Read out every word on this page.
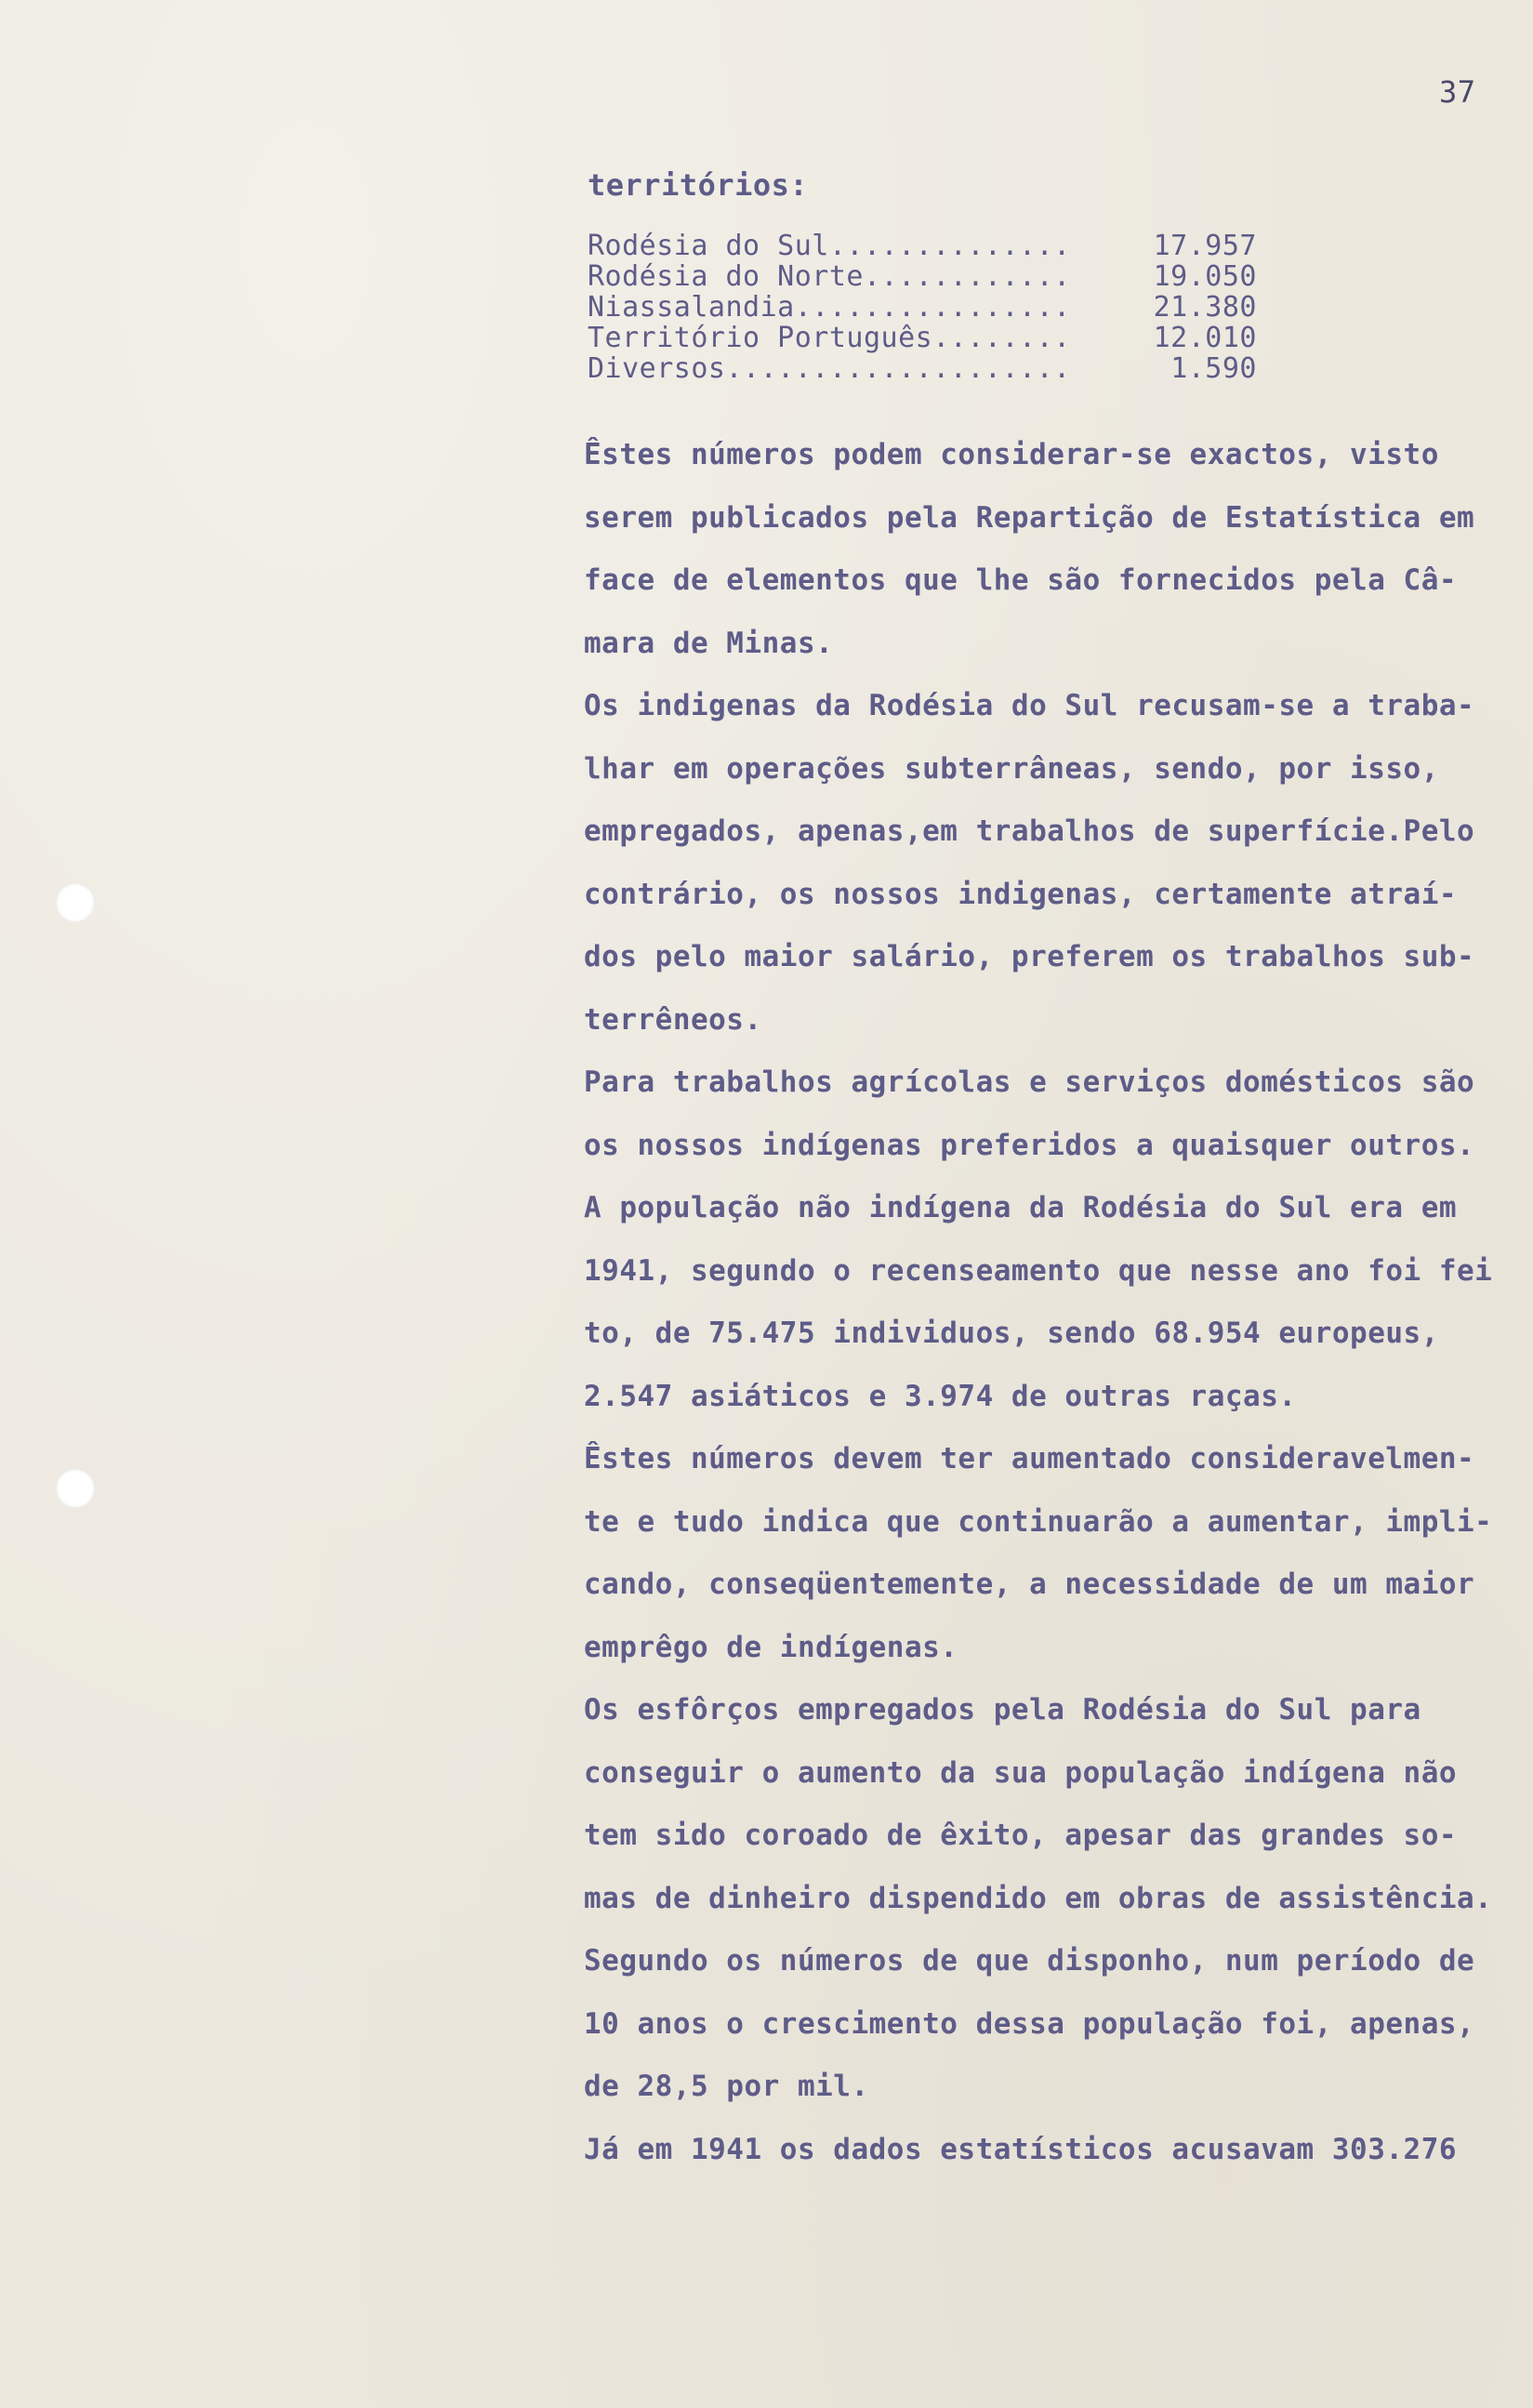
37
territórios:
Rodésia do Sul..............	17.957
Rodésia do Norte............	19.050
Niassalandia................	21.380
Território Português........	12.010
Diversos....................	1.590
Êstes números podem considerar-se exactos, visto
serem publicados pela Repartição de Estatística em
face de elementos que lhe são fornecidos pela Câ-
mara de Minas.
Os indigenas da Rodésia do Sul recusam-se a traba-
lhar em operações subterrâneas, sendo, por isso,
empregados, apenas,em trabalhos de superfície.Pelo
contrário, os nossos indigenas, certamente atraí-
dos pelo maior salário, preferem os trabalhos sub-
terrêneos.
Para trabalhos agrícolas e serviços domésticos são
os nossos indígenas preferidos a quaisquer outros.
A população não indígena da Rodésia do Sul era em
1941, segundo o recenseamento que nesse ano foi fei
to, de 75.475 individuos, sendo 68.954 europeus,
2.547 asiáticos e 3.974 de outras raças.
Êstes números devem ter aumentado consideravelmen-
te e tudo indica que continuarão a aumentar, impli-
cando, conseqüentemente, a necessidade de um maior
emprêgo de indígenas.
Os esfôrços empregados pela Rodésia do Sul para
conseguir o aumento da sua população indígena não
tem sido coroado de êxito, apesar das grandes so-
mas de dinheiro dispendido em obras de assistência.
Segundo os números de que disponho, num período de
10 anos o crescimento dessa população foi, apenas,
de 28,5 por mil.
Já em 1941 os dados estatísticos acusavam 303.276
